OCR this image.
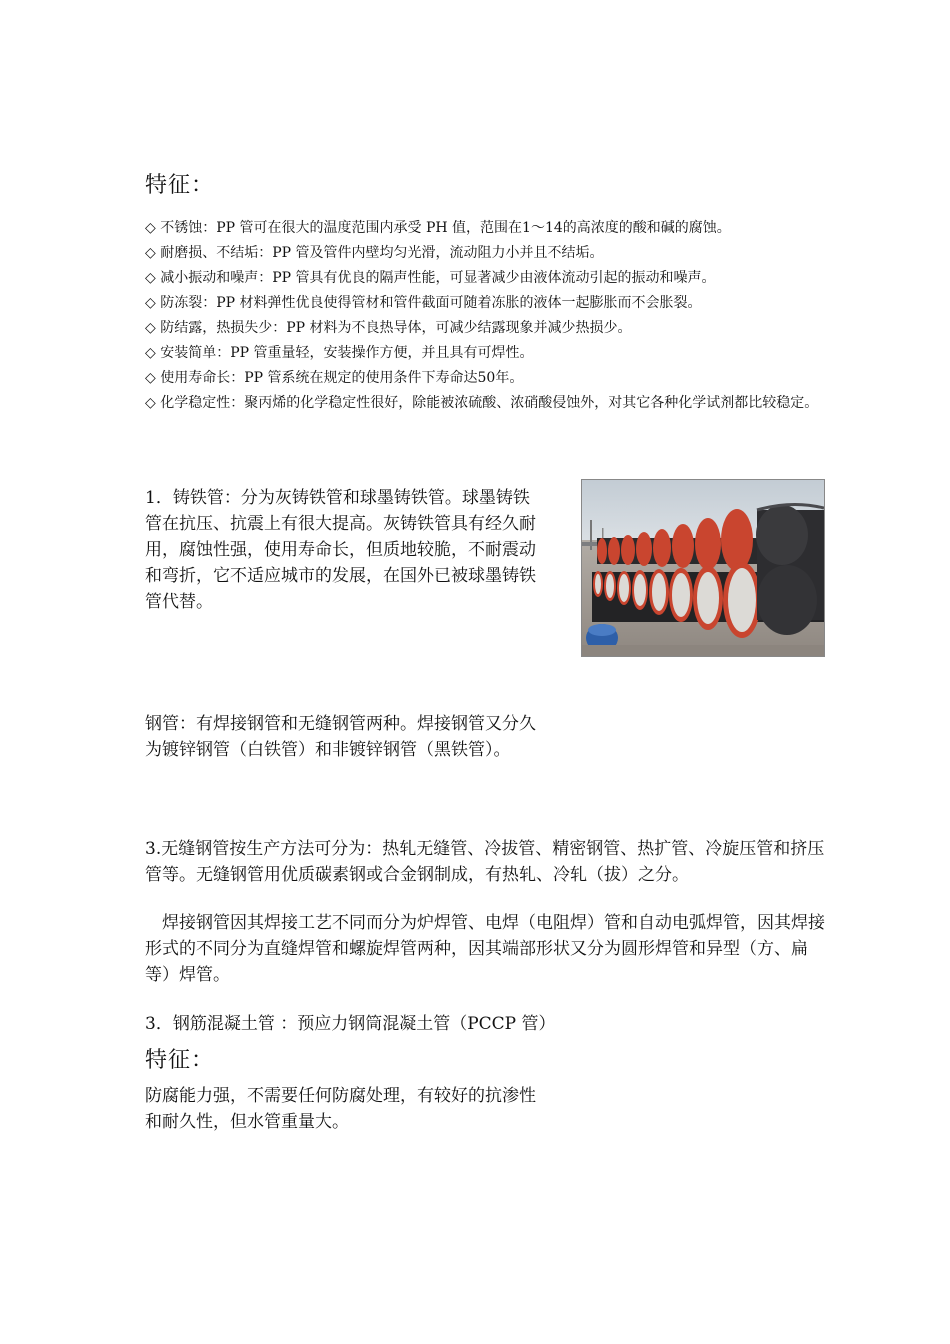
特征：
◇ 不锈蚀：PP 管可在很大的温度范围内承受 PH 值，范围在1～14的高浓度的酸和碱的腐蚀。
◇ 耐磨损、不结垢：PP 管及管件内壁均匀光滑，流动阻力小并且不结垢。
◇ 减小振动和噪声：PP 管具有优良的隔声性能，可显著减少由液体流动引起的振动和噪声。
◇ 防冻裂：PP 材料弹性优良使得管材和管件截面可随着冻胀的液体一起膨胀而不会胀裂。
◇ 防结露，热损失少：PP 材料为不良热导体，可减少结露现象并减少热损少。
◇ 安装简单：PP 管重量轻，安装操作方便，并且具有可焊性。
◇ 使用寿命长：PP 管系统在规定的使用条件下寿命达50年。
◇ 化学稳定性：聚丙烯的化学稳定性很好，除能被浓硫酸、浓硝酸侵蚀外，对其它各种化学试剂都比较稳定。
1．铸铁管：分为灰铸铁管和球墨铸铁管。球墨铸铁管在抗压、抗震上有很大提高。灰铸铁管具有经久耐用，腐蚀性强，使用寿命长，但质地较脆，不耐震动和弯折，它不适应城市的发展，在国外已被球墨铸铁管代替。
钢管：有焊接钢管和无缝钢管两种。焊接钢管又分久为镀锌钢管（白铁管）和非镀锌钢管（黑铁管）。
3.无缝钢管按生产方法可分为：热轧无缝管、冷拔管、精密钢管、热扩管、冷旋压管和挤压管等。无缝钢管用优质碳素钢或合金钢制成，有热轧、冷轧（拔）之分。
焊接钢管因其焊接工艺不同而分为炉焊管、电焊（电阻焊）管和自动电弧焊管，因其焊接形式的不同分为直缝焊管和螺旋焊管两种，因其端部形状又分为圆形焊管和异型（方、扁等）焊管。
3．钢筋混凝土管 ：预应力钢筒混凝土管（PCCP 管）
特征：
防腐能力强，不需要任何防腐处理，有较好的抗渗性和耐久性，但水管重量大。
